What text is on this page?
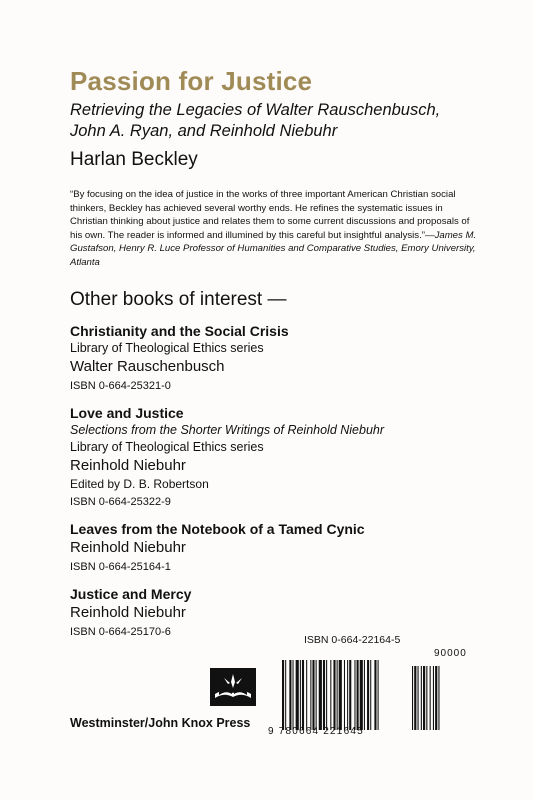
Passion for Justice
Retrieving the Legacies of Walter Rauschenbusch,
John A. Ryan, and Reinhold Niebuhr
Harlan Beckley

“By focusing on the idea of justice in the works of three important American Christian social thinkers, Beckley has achieved several worthy ends. He refines the systematic issues in Christian thinking about justice and relates them to some current discussions and proposals of his own. The reader is informed and illumined by this careful but insightful analysis.”—James M. Gustafson, Henry R. Luce Professor of Humanities and Comparative Studies, Emory University, Atlanta

Other books of interest —
Christianity and the Social Crisis
Library of Theological Ethics series
Walter Rauschenbusch
ISBN 0-664-25321-0
Love and Justice
Selections from the Shorter Writings of Reinhold Niebuhr
Library of Theological Ethics series
Reinhold Niebuhr
Edited by D. B. Robertson
ISBN 0-664-25322-9
Leaves from the Notebook of a Tamed Cynic
Reinhold Niebuhr
ISBN 0-664-25164-1
Justice and Mercy
Reinhold Niebuhr
ISBN 0-664-25170-6
Westminster/John Knox Press
ISBN 0-664-22164-5
90000
9 780664 221645
